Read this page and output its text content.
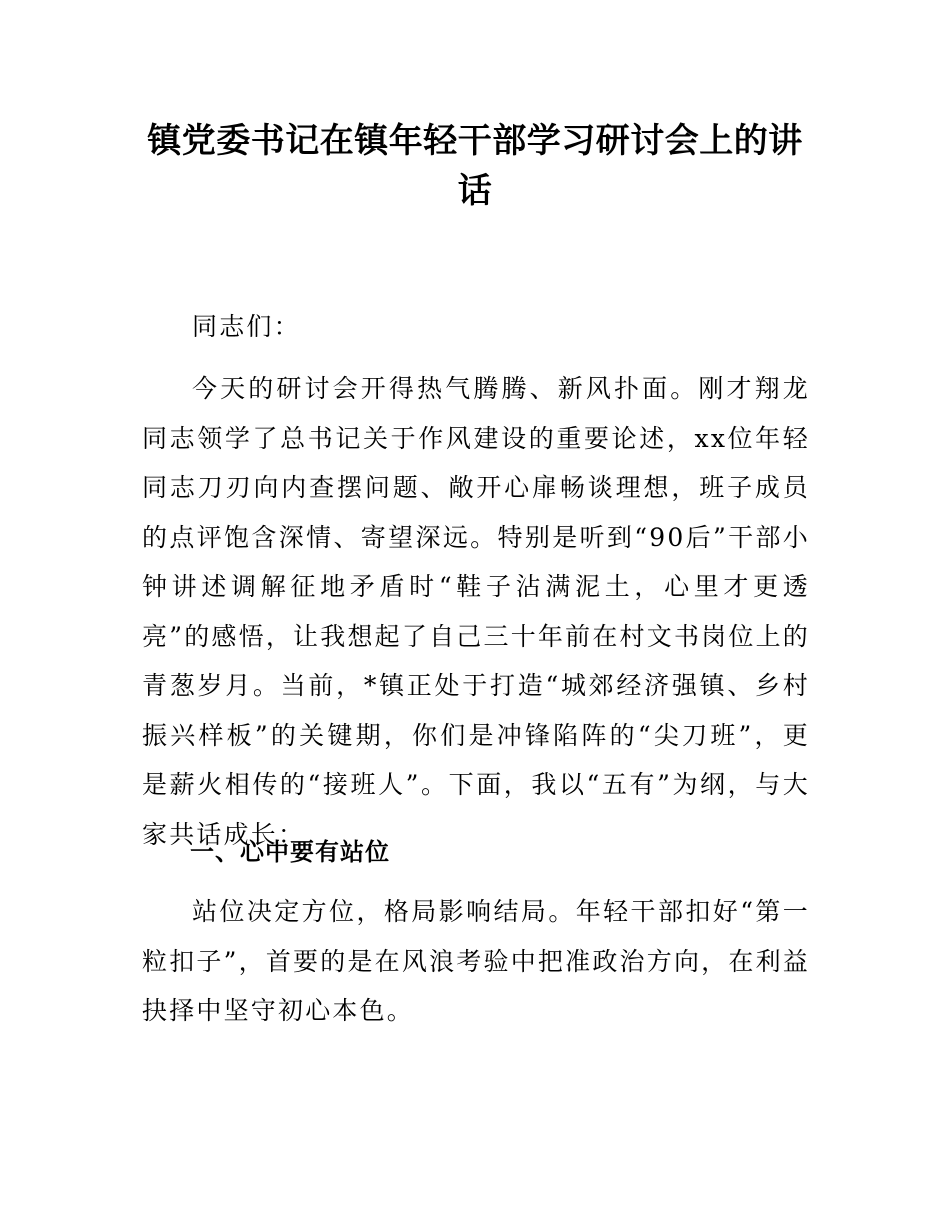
镇党委书记在镇年轻干部学习研讨会上的讲话

同志们：

今天的研讨会开得热气腾腾、新风扑面。刚才翔龙同志领学了总书记关于作风建设的重要论述，xx位年轻同志刀刃向内查摆问题、敞开心扉畅谈理想，班子成员的点评饱含深情、寄望深远。特别是听到“90后”干部小钟讲述调解征地矛盾时“鞋子沾满泥土，心里才更透亮”的感悟，让我想起了自己三十年前在村文书岗位上的青葱岁月。当前，*镇正处于打造“城郊经济强镇、乡村振兴样板”的关键期，你们是冲锋陷阵的“尖刀班”，更是薪火相传的“接班人”。下面，我以“五有”为纲，与大家共话成长：

一、心中要有站位

站位决定方位，格局影响结局。年轻干部扣好“第一粒扣子”，首要的是在风浪考验中把准政治方向，在利益抉择中坚守初心本色。
